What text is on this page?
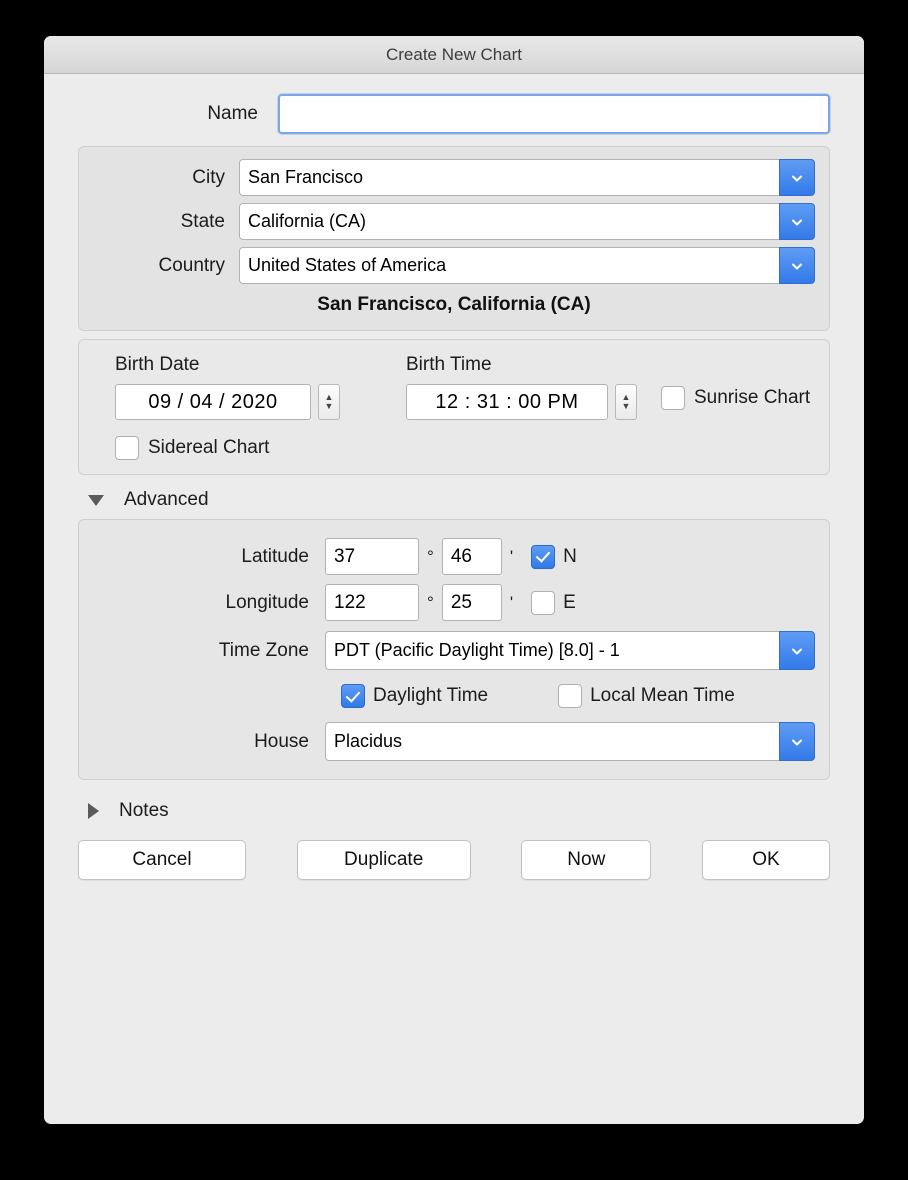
Create New Chart
Name
City	San Francisco
State	California (CA)
Country	United States of America
San Francisco, California (CA)
Birth Date
09 / 04 / 2020	▲
▼
Birth Time
12 : 31 : 00 PM	▲
▼	Sunrise Chart
Sidereal Chart
Advanced
Latitude	37	° 46	'	N
Longitude	122	° 25	'	E
Time Zone	PDT (Pacific Daylight Time) [8.0] - 1
Daylight Time	Local Mean Time
House	Placidus
Notes
Cancel	Duplicate	Now	OK
